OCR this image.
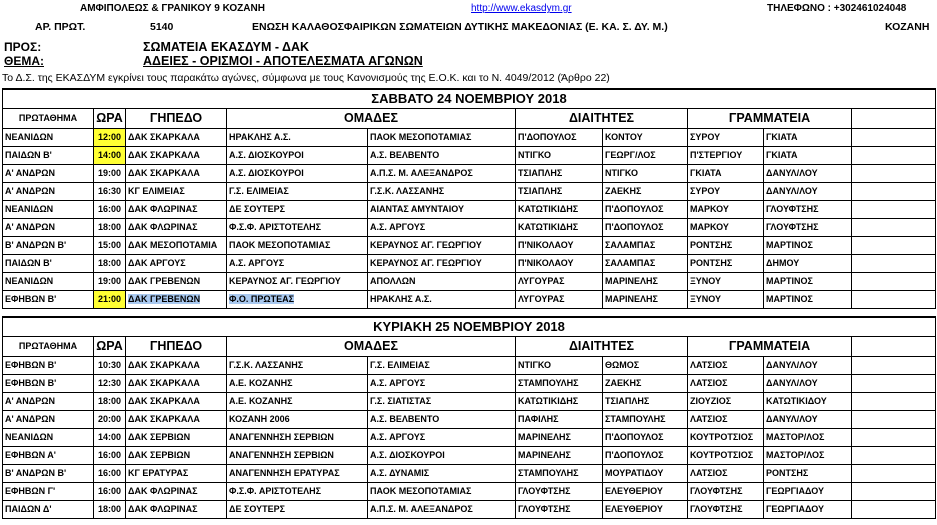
ΑΜΦΙΠΟΛΕΩΣ & ΓΡΑΝΙΚΟΥ 9 ΚΟΖΑΝΗ	http://www.ekasdym.gr	ΤΗΛΕΦΩΝΟ : +302461024048
ΑΡ. ΠΡΩΤ.	5140	ΕΝΩΣΗ ΚΑΛΑΘΟΣΦΑΙΡΙΚΩΝ ΣΩΜΑΤΕΙΩΝ ΔΥΤΙΚΗΣ ΜΑΚΕΔΟΝΙΑΣ (Ε. ΚΑ. Σ. ΔΥ. Μ.)	ΚΟΖΑΝΗ
ΠΡΟΣ:	ΣΩΜΑΤΕΙΑ ΕΚΑΣΔΥΜ - ΔΑΚ
ΘΕΜΑ:	ΑΔΕΙΕΣ - ΟΡΙΣΜΟΙ - ΑΠΟΤΕΛΕΣΜΑΤΑ ΑΓΩΝΩΝ
Το Δ.Σ. της ΕΚΑΣΔΥΜ εγκρίνει τους παρακάτω αγώνες, σύμφωνα με τους Κανονισμούς της Ε.Ο.Κ. και το Ν. 4049/2012 (Άρθρο 22)
ΣΑΒΒΑΤΟ 24 ΝΟΕΜΒΡΙΟΥ 2018									
ΠΡΩΤΑΘΗΜΑ	ΩΡΑ	ΓΗΠΕΔΟ	ΟΜΑΔΕΣ		ΔΙΑΙΤΗΤΕΣ		ΓΡΑΜΜΑΤΕΙΑ		
ΝΕΑΝΙΔΩΝ	12:00	ΔΑΚ ΣΚΑΡΚΑΛΑ	ΗΡΑΚΛΗΣ Α.Σ.	ΠΑΟΚ ΜΕΣΟΠΟΤΑΜΙΑΣ	Π'ΔΟΠΟΥΛΟΣ	ΚΟΝΤΟΥ	ΣΥΡΟΥ	ΓΚΙΑΤΑ	
ΠΑΙΔΩΝ Β'	14:00	ΔΑΚ ΣΚΑΡΚΑΛΑ	Α.Σ. ΔΙΟΣΚΟΥΡΟΙ	Α.Σ. ΒΕΛΒΕΝΤΟ	ΝΤΙΓΚΟ	ΓΕΩΡΓ/ΛΟΣ	Π'ΣΤΕΡΓΙΟΥ	ΓΚΙΑΤΑ	
Α' ΑΝΔΡΩΝ	19:00	ΔΑΚ ΣΚΑΡΚΑΛΑ	Α.Σ. ΔΙΟΣΚΟΥΡΟΙ	Α.Π.Σ. Μ. ΑΛΕΞΑΝΔΡΟΣ	ΤΣΙΑΠΛΗΣ	ΝΤΙΓΚΟ	ΓΚΙΑΤΑ	ΔΑΝΥΛ/ΛΟΥ	
Α' ΑΝΔΡΩΝ	16:30	ΚΓ ΕΛΙΜΕΙΑΣ	Γ.Σ. ΕΛΙΜΕΙΑΣ	Γ.Σ.Κ. ΛΑΣΣΑΝΗΣ	ΤΣΙΑΠΛΗΣ	ΖΑΕΚΗΣ	ΣΥΡΟΥ	ΔΑΝΥΛ/ΛΟΥ	
ΝΕΑΝΙΔΩΝ	16:00	ΔΑΚ ΦΛΩΡΙΝΑΣ	ΔΕ ΣΟΥΤΕΡΣ	ΑΙΑΝΤΑΣ ΑΜΥΝΤΑΙΟΥ	ΚΑΤΩΤΙΚΙΔΗΣ	Π'ΔΟΠΟΥΛΟΣ	ΜΑΡΚΟΥ	ΓΛΟΥΦΤΣΗΣ	
Α' ΑΝΔΡΩΝ	18:00	ΔΑΚ ΦΛΩΡΙΝΑΣ	Φ.Σ.Φ. ΑΡΙΣΤΟΤΕΛΗΣ	Α.Σ. ΑΡΓΟΥΣ	ΚΑΤΩΤΙΚΙΔΗΣ	Π'ΔΟΠΟΥΛΟΣ	ΜΑΡΚΟΥ	ΓΛΟΥΦΤΣΗΣ	
Β' ΑΝΔΡΩΝ Β'	15:00	ΔΑΚ ΜΕΣΟΠΟΤΑΜΙΑ	ΠΑΟΚ ΜΕΣΟΠΟΤΑΜΙΑΣ	ΚΕΡΑΥΝΟΣ ΑΓ. ΓΕΩΡΓΙΟΥ	Π'ΝΙΚΟΛΑΟΥ	ΣΑΛΑΜΠΑΣ	ΡΟΝΤΣΗΣ	ΜΑΡΤΙΝΟΣ	
ΠΑΙΔΩΝ Β'	18:00	ΔΑΚ ΑΡΓΟΥΣ	Α.Σ. ΑΡΓΟΥΣ	ΚΕΡΑΥΝΟΣ ΑΓ. ΓΕΩΡΓΙΟΥ	Π'ΝΙΚΟΛΑΟΥ	ΣΑΛΑΜΠΑΣ	ΡΟΝΤΣΗΣ	ΔΗΜΟΥ	
ΝΕΑΝΙΔΩΝ	19:00	ΔΑΚ ΓΡΕΒΕΝΩΝ	ΚΕΡΑΥΝΟΣ ΑΓ. ΓΕΩΡΓΙΟΥ	ΑΠΟΛΛΩΝ	ΛΥΓΟΥΡΑΣ	ΜΑΡΙΝΕΛΗΣ	ΞΥΝΟΥ	ΜΑΡΤΙΝΟΣ	
ΕΦΗΒΩΝ Β'	21:00	ΔΑΚ ΓΡΕΒΕΝΩΝ	Φ.Ο. ΠΡΩΤΕΑΣ	ΗΡΑΚΛΗΣ Α.Σ.	ΛΥΓΟΥΡΑΣ	ΜΑΡΙΝΕΛΗΣ	ΞΥΝΟΥ	ΜΑΡΤΙΝΟΣ	
ΚΥΡΙΑΚΗ 25 ΝΟΕΜΒΡΙΟΥ 2018									
ΠΡΩΤΑΘΗΜΑ	ΩΡΑ	ΓΗΠΕΔΟ	ΟΜΑΔΕΣ		ΔΙΑΙΤΗΤΕΣ		ΓΡΑΜΜΑΤΕΙΑ		
ΕΦΗΒΩΝ Β'	10:30	ΔΑΚ ΣΚΑΡΚΑΛΑ	Γ.Σ.Κ. ΛΑΣΣΑΝΗΣ	Γ.Σ. ΕΛΙΜΕΙΑΣ	ΝΤΙΓΚΟ	ΘΩΜΟΣ	ΛΑΤΣΙΟΣ	ΔΑΝΥΛ/ΛΟΥ	
ΕΦΗΒΩΝ Β'	12:30	ΔΑΚ ΣΚΑΡΚΑΛΑ	Α.Ε. ΚΟΖΑΝΗΣ	Α.Σ. ΑΡΓΟΥΣ	ΣΤΑΜΠΟΥΛΗΣ	ΖΑΕΚΗΣ	ΛΑΤΣΙΟΣ	ΔΑΝΥΛ/ΛΟΥ	
Α' ΑΝΔΡΩΝ	18:00	ΔΑΚ ΣΚΑΡΚΑΛΑ	Α.Ε. ΚΟΖΑΝΗΣ	Γ.Σ. ΣΙΑΤΙΣΤΑΣ	ΚΑΤΩΤΙΚΙΔΗΣ	ΤΣΙΑΠΛΗΣ	ΖΙΟΥΖΙΟΣ	ΚΑΤΩΤΙΚΙΔΟΥ	
Α' ΑΝΔΡΩΝ	20:00	ΔΑΚ ΣΚΑΡΚΑΛΑ	ΚΟΖΑΝΗ 2006	Α.Σ. ΒΕΛΒΕΝΤΟ	ΠΑΦΙΛΗΣ	ΣΤΑΜΠΟΥΛΗΣ	ΛΑΤΣΙΟΣ	ΔΑΝΥΛ/ΛΟΥ	
ΝΕΑΝΙΔΩΝ	14:00	ΔΑΚ ΣΕΡΒΙΩΝ	ΑΝΑΓΕΝΝΗΣΗ ΣΕΡΒΙΩΝ	Α.Σ. ΑΡΓΟΥΣ	ΜΑΡΙΝΕΛΗΣ	Π'ΔΟΠΟΥΛΟΣ	ΚΟΥΤΡΟΤΣΙΟΣ	ΜΑΣΤΟΡ/ΛΟΣ	
ΕΦΗΒΩΝ Α'	16:00	ΔΑΚ ΣΕΡΒΙΩΝ	ΑΝΑΓΕΝΝΗΣΗ ΣΕΡΒΙΩΝ	Α.Σ. ΔΙΟΣΚΟΥΡΟΙ	ΜΑΡΙΝΕΛΗΣ	Π'ΔΟΠΟΥΛΟΣ	ΚΟΥΤΡΟΤΣΙΟΣ	ΜΑΣΤΟΡ/ΛΟΣ	
Β' ΑΝΔΡΩΝ Β'	16:00	ΚΓ ΕΡΑΤΥΡΑΣ	ΑΝΑΓΕΝΝΗΣΗ ΕΡΑΤΥΡΑΣ	Α.Σ. ΔΥΝΑΜΙΣ	ΣΤΑΜΠΟΥΛΗΣ	ΜΟΥΡΑΤΙΔΟΥ	ΛΑΤΣΙΟΣ	ΡΟΝΤΣΗΣ	
ΕΦΗΒΩΝ Γ'	16:00	ΔΑΚ ΦΛΩΡΙΝΑΣ	Φ.Σ.Φ. ΑΡΙΣΤΟΤΕΛΗΣ	ΠΑΟΚ ΜΕΣΟΠΟΤΑΜΙΑΣ	ΓΛΟΥΦΤΣΗΣ	ΕΛΕΥΘΕΡΙΟΥ	ΓΛΟΥΦΤΣΗΣ	ΓΕΩΡΓΙΑΔΟΥ	
ΠΑΙΔΩΝ Δ'	18:00	ΔΑΚ ΦΛΩΡΙΝΑΣ	ΔΕ ΣΟΥΤΕΡΣ	Α.Π.Σ. Μ. ΑΛΕΞΑΝΔΡΟΣ	ΓΛΟΥΦΤΣΗΣ	ΕΛΕΥΘΕΡΙΟΥ	ΓΛΟΥΦΤΣΗΣ	ΓΕΩΡΓΙΑΔΟΥ	
